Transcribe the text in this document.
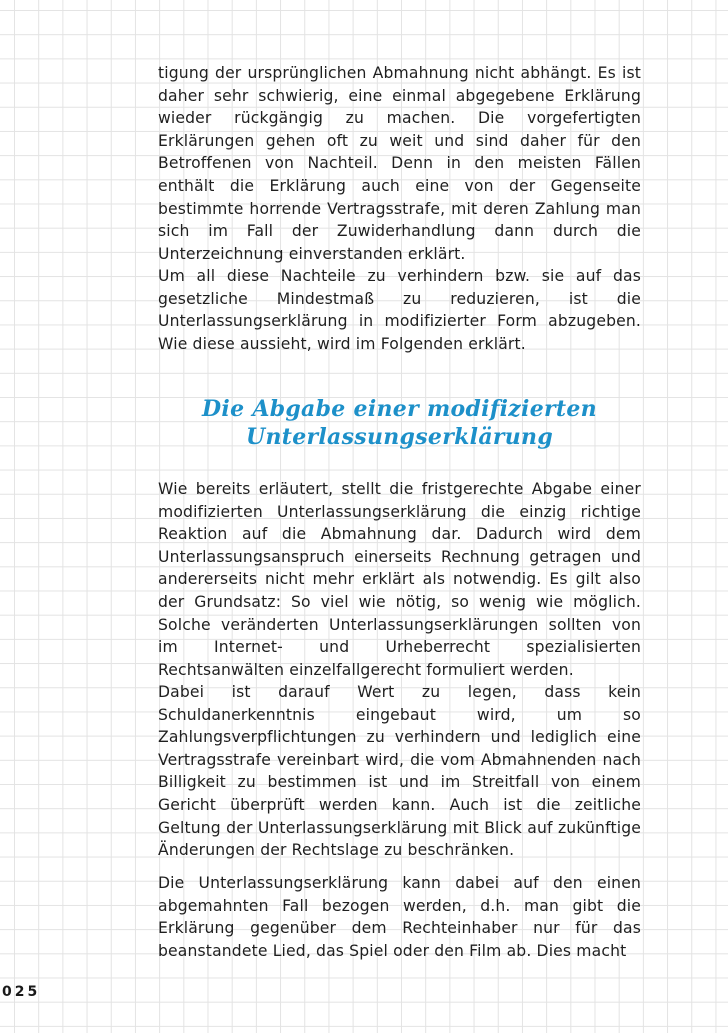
tigung der ursprünglichen Abmahnung nicht abhängt. Es ist daher sehr schwierig, eine einmal abgegebene Erklärung wieder rückgängig zu machen. Die vorgefertigten Erklärungen gehen oft zu weit und sind daher für den Betroffenen von Nachteil. Denn in den meisten Fällen enthält die Erklärung auch eine von der Gegenseite bestimmte horrende Vertragsstrafe, mit deren Zahlung man sich im Fall der Zuwiderhandlung dann durch die Unterzeichnung einverstanden erklärt.

Um all diese Nachteile zu verhindern bzw. sie auf das gesetzliche Mindestmaß zu reduzieren, ist die Unterlassungserklärung in modifizierter Form abzugeben. Wie diese aussieht, wird im Folgenden erklärt.

Die Abgabe einer modifizierten
Unterlassungserklärung

Wie bereits erläutert, stellt die fristgerechte Abgabe einer modifizierten Unterlassungserklärung die einzig richtige Reaktion auf die Abmahnung dar. Dadurch wird dem Unterlassungsanspruch einerseits Rechnung getragen und andererseits nicht mehr erklärt als notwendig. Es gilt also der Grundsatz: So viel wie nötig, so wenig wie möglich. Solche veränderten Unterlassungserklärungen sollten von im Internet- und Urheberrecht spezialisierten Rechtsanwälten einzelfallgerecht formuliert werden.

Dabei ist darauf Wert zu legen, dass kein Schuldanerkenntnis eingebaut wird, um so Zahlungsverpflichtungen zu verhindern und lediglich eine Vertragsstrafe vereinbart wird, die vom Abmahnenden nach Billigkeit zu bestimmen ist und im Streitfall von einem Gericht überprüft werden kann. Auch ist die zeitliche Geltung der Unterlassungserklärung mit Blick auf zukünftige Änderungen der Rechtslage zu beschränken.

Die Unterlassungserklärung kann dabei auf den einen abgemahnten Fall bezogen werden, d.h. man gibt die Erklärung gegenüber dem Rechteinhaber nur für das beanstandete Lied, das Spiel oder den Film ab. Dies macht

025
